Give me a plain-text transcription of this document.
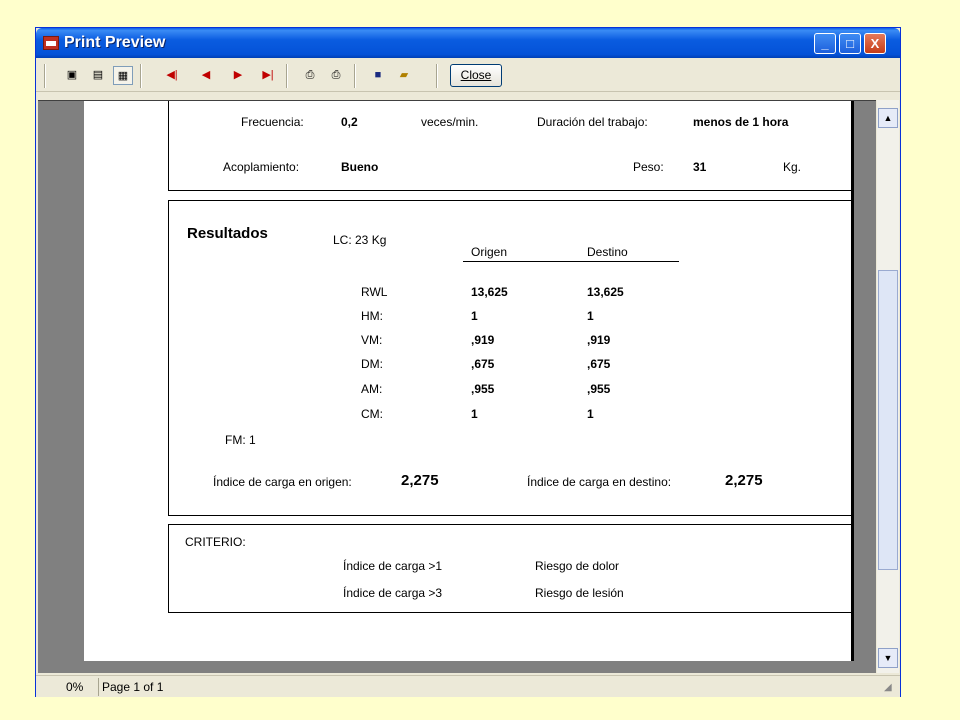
Print Preview	_	□	X
▣	▤	▦	◀|	◀	▶	▶|	⎙	⎙	■	▰	Close
Frecuencia:	0,2	veces/min.	Duración del trabajo:	menos de 1 hora
Acoplamiento:	Bueno	Peso: 31	Kg.
Resultados	LC: 23 Kg
Origen	Destino
RWL	13,625	13,625
HM:	1	1
VM:	,919	,919
DM:	,675	,675
AM:	,955	,955
CM:	1	1
FM: 1
Índice de carga en origen:	2,275	Índice de carga en destino:	2,275
CRITERIO:
Índice de carga >1	Riesgo de dolor
Índice de carga >3	Riesgo de lesión
▲
▼
0% Page 1 of 1	◢
